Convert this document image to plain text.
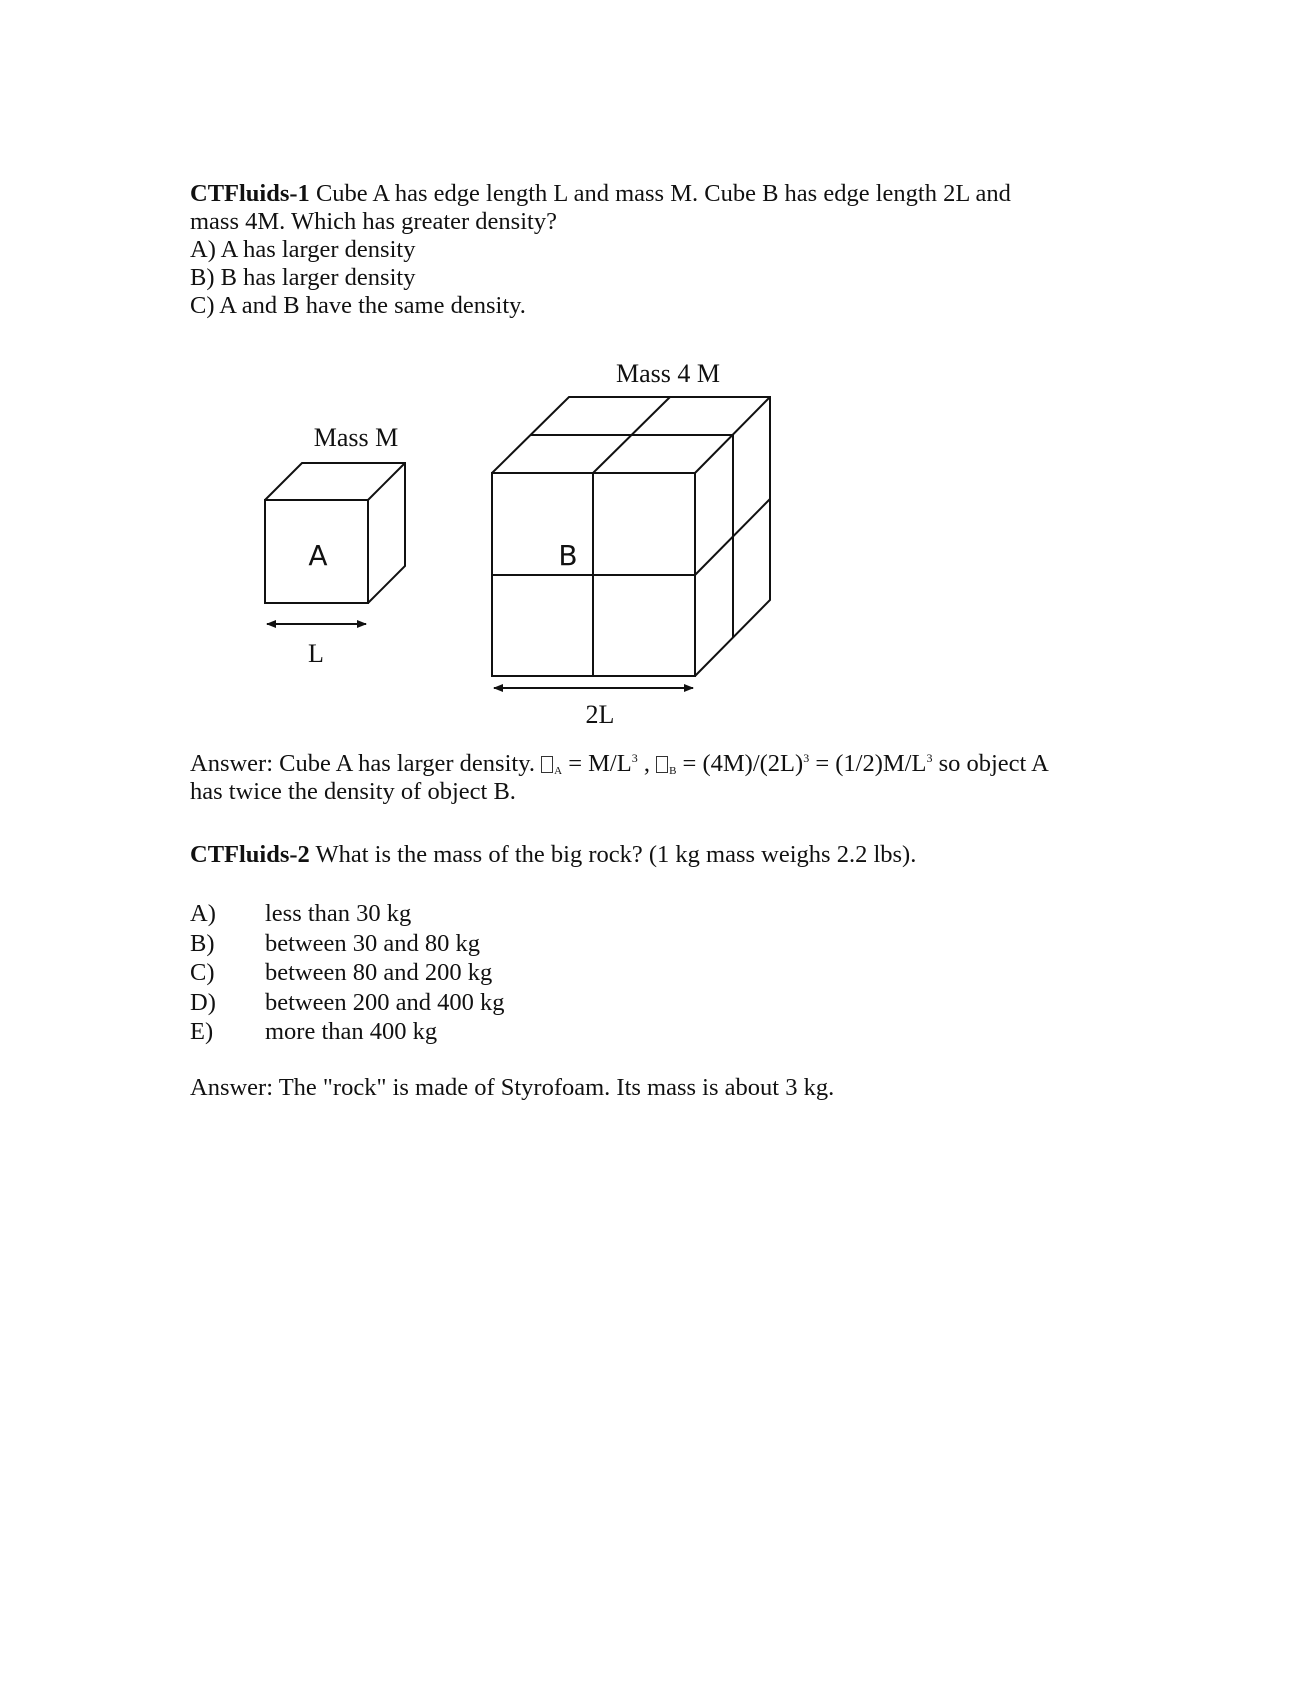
CTFluids-1 Cube A has edge length L and mass M. Cube B has edge length 2L and
mass 4M. Which has greater density?
A) A has larger density
B) B has larger density
C) A and B have the same density.
A
Mass M
L
B
Mass 4 M
2L
Answer: Cube A has larger density. $_A = M/L^3$ , $_B = (4M)/(2L)^3 = (1/2)M/L^3$ so object A
has twice the density of object B.
CTFluids-2 What is the mass of the big rock? (1 kg mass weighs 2.2 lbs).
A) less than 30 kg
B) between 30 and 80 kg
C) between 80 and 200 kg
D) between 200 and 400 kg
E) more than 400 kg
Answer: The "rock" is made of Styrofoam. Its mass is about 3 kg.
